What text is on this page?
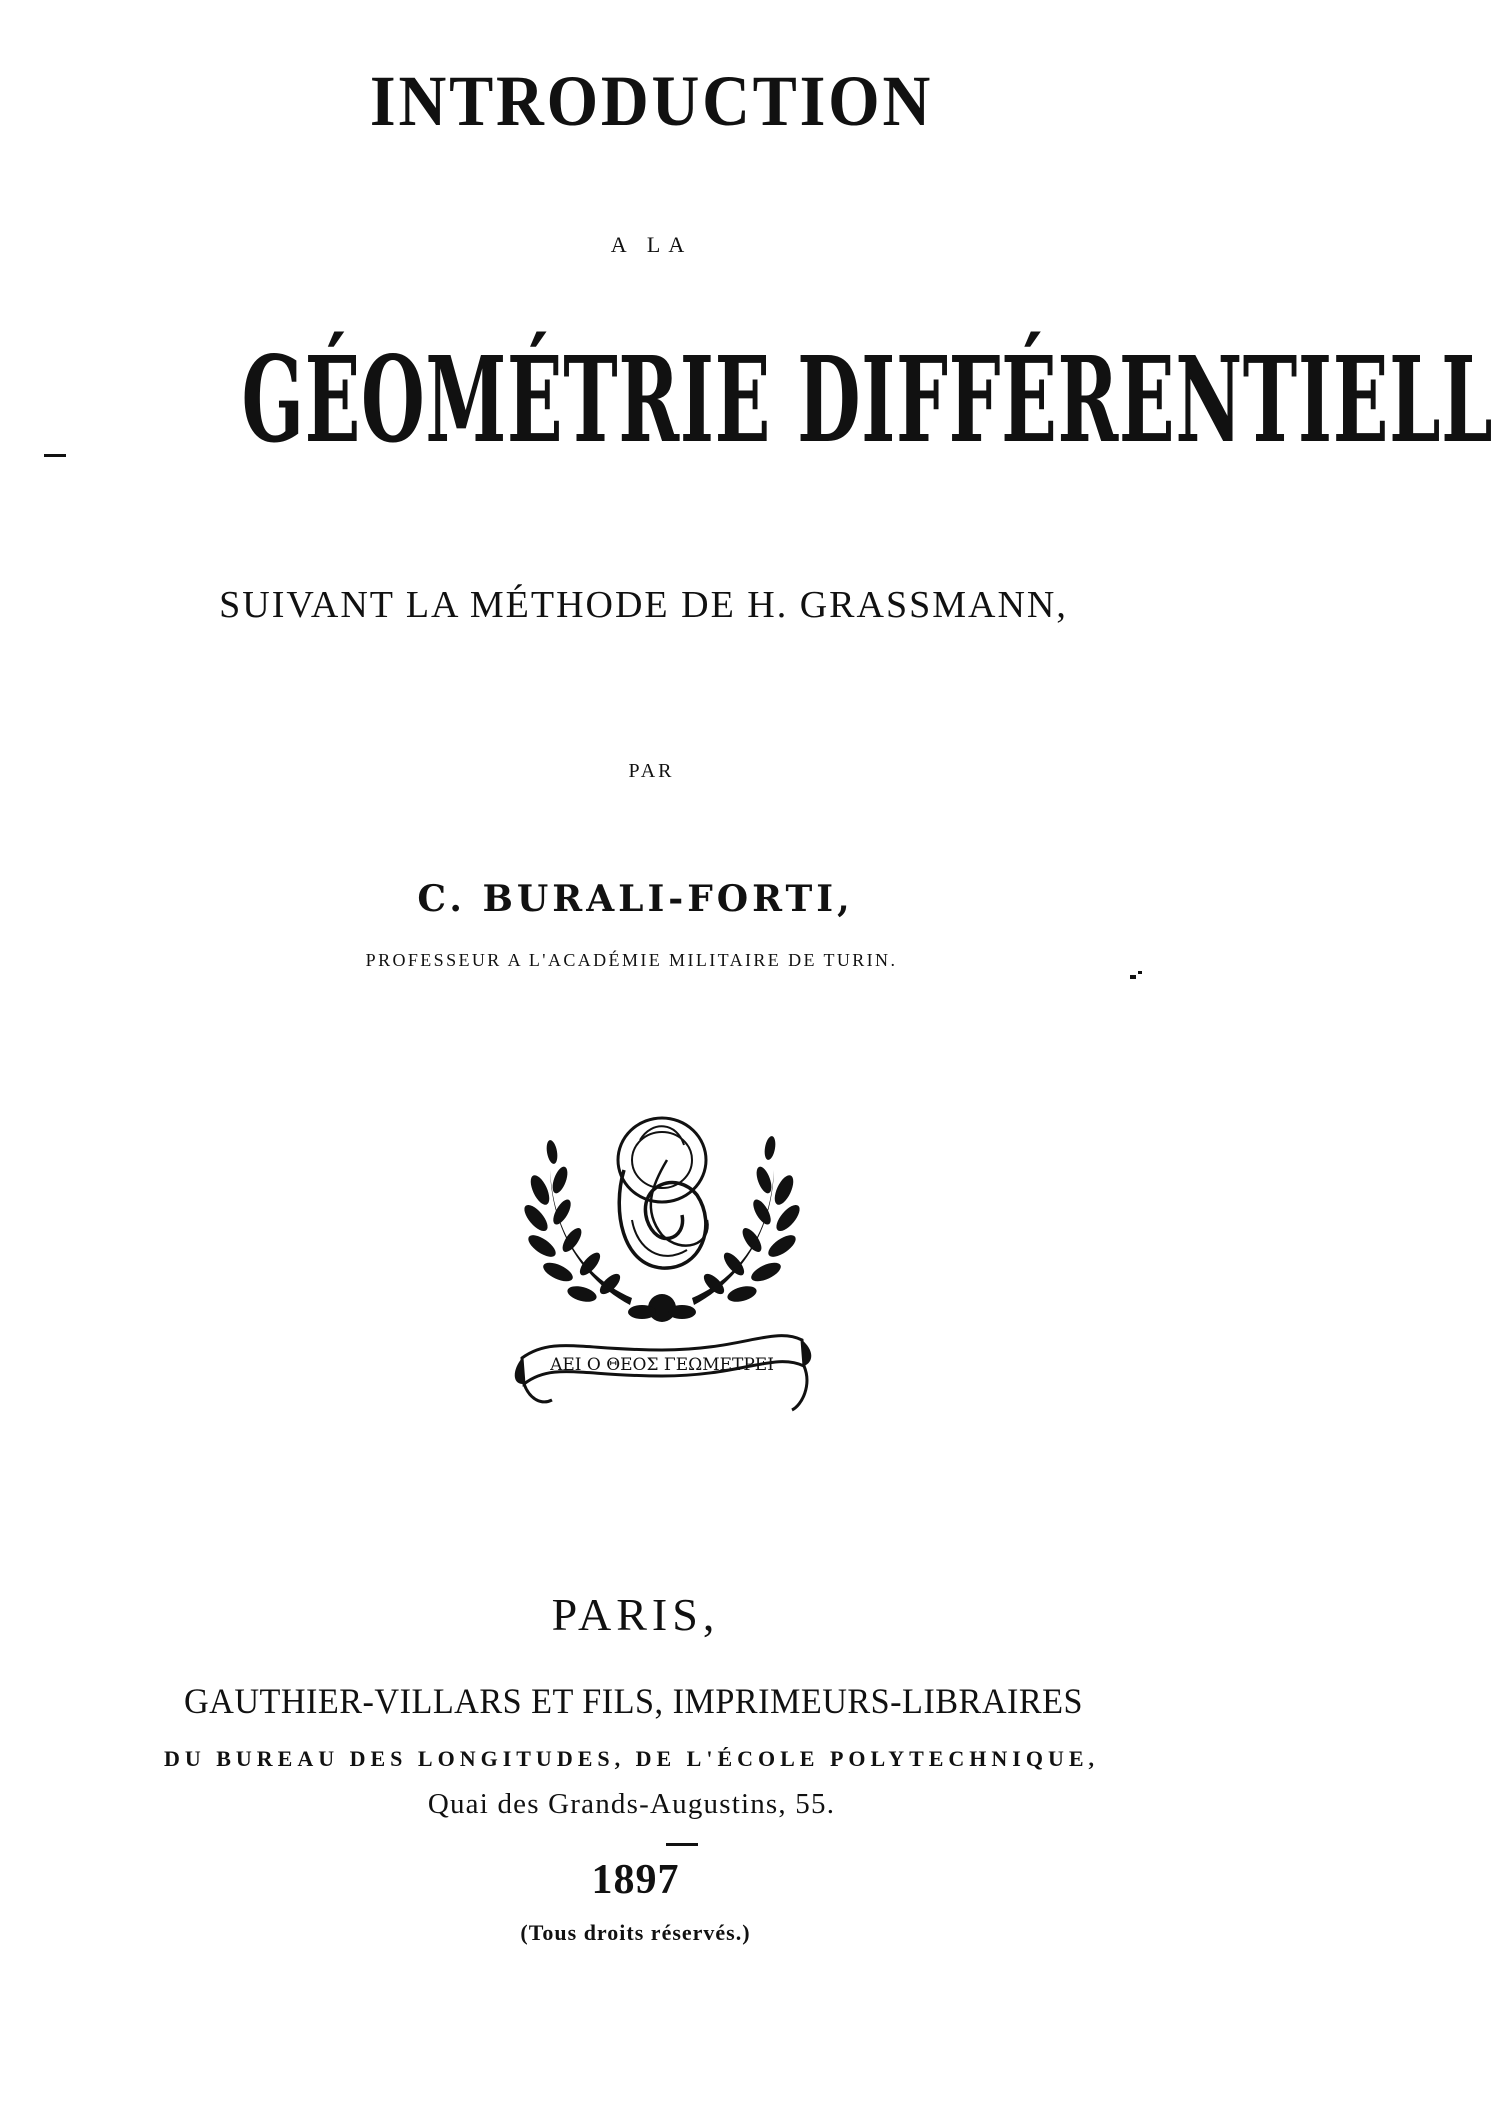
INTRODUCTION

A LA

GÉOMÉTRIE DIFFÉRENTIELL

SUIVANT LA MÉTHODE DE H. GRASSMANN,

PAR

C. BURALI-FORTI,

PROFESSEUR A L'ACADÉMIE MILITAIRE DE TURIN.

ΑΕΙ Ο ΘΕΟΣ ΓΕΩΜΕΤΡΕΙ

PARIS,

GAUTHIER-VILLARS ET FILS, IMPRIMEURS-LIBRAIRES

DU BUREAU DES LONGITUDES, DE L'ÉCOLE POLYTECHNIQUE,

Quai des Grands-Augustins, 55.

1897

(Tous droits réservés.)
